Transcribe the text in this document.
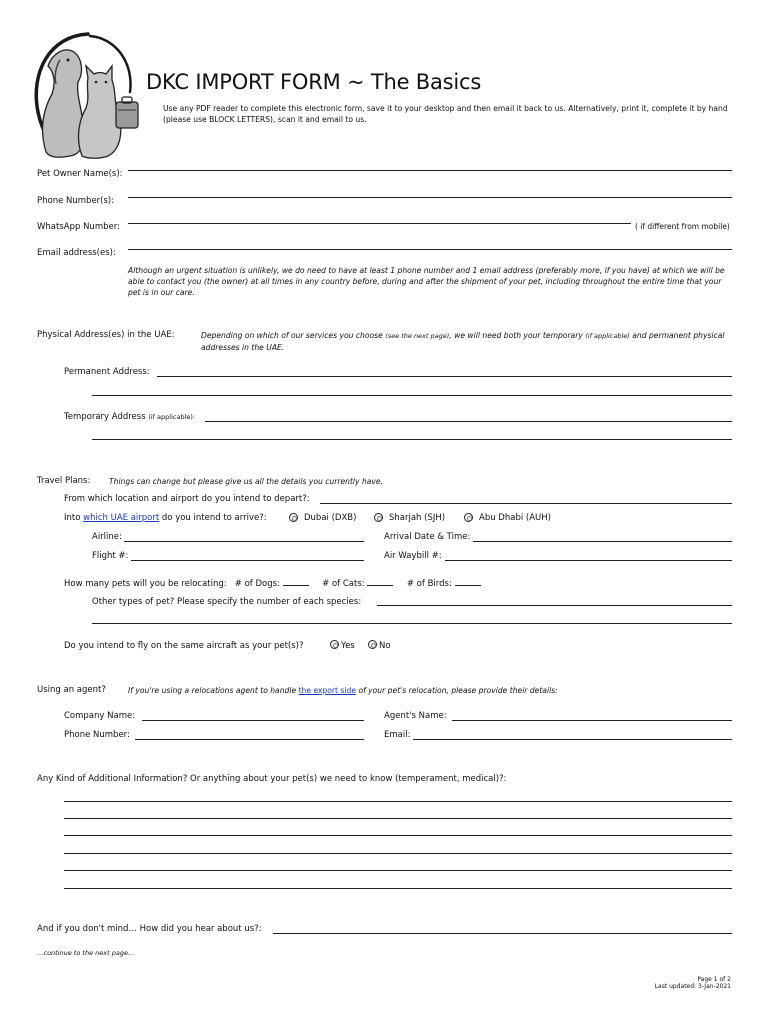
DKC IMPORT FORM ~ The Basics
Use any PDF reader to complete this electronic form, save it to your desktop and then email it back to us. Alternatively, print it, complete it by hand (please use BLOCK LETTERS), scan it and email to us.
Pet Owner Name(s):
Phone Number(s):
WhatsApp Number:	( if different from mobile)
Email address(es):
Although an urgent situation is unlikely, we do need to have at least 1 phone number and 1 email address (preferably more, if you have) at which we will be able to contact you (the owner) at all times in any country before, during and after the shipment of your pet, including throughout the entire time that your pet is in our care.
Physical Address(es) in the UAE:	Depending on which of our services you choose (see the next page), we will need both your temporary (if applicable) and permanent physical addresses in the UAE.
Permanent Address:
Temporary Address (if applicable):
Travel Plans: Things can change but please give us all the details you currently have.
From which location and airport do you intend to depart?:
Into which UAE airport do you intend to arrive?:	Dubai (DXB)	Sharjah (SJH)	Abu Dhabi (AUH)
Airline:	Arrival Date & Time:
Flight #:	Air Waybill #:
How many pets will you be relocating: # of Dogs:	# of Cats:	# of Birds:
Other types of pet? Please specify the number of each species:
Do you intend to fly on the same aircraft as your pet(s)?	Yes	No
Using an agent?	If you're using a relocations agent to handle the export side of your pet's relocation, please provide their details:
Company Name:	Agent's Name:
Phone Number:	Email:
Any Kind of Additional Information? Or anything about your pet(s) we need to know (temperament, medical)?:
And if you don't mind… How did you hear about us?:
…continue to the next page…
Page 1 of 2
Last updated: 3-Jan-2021
